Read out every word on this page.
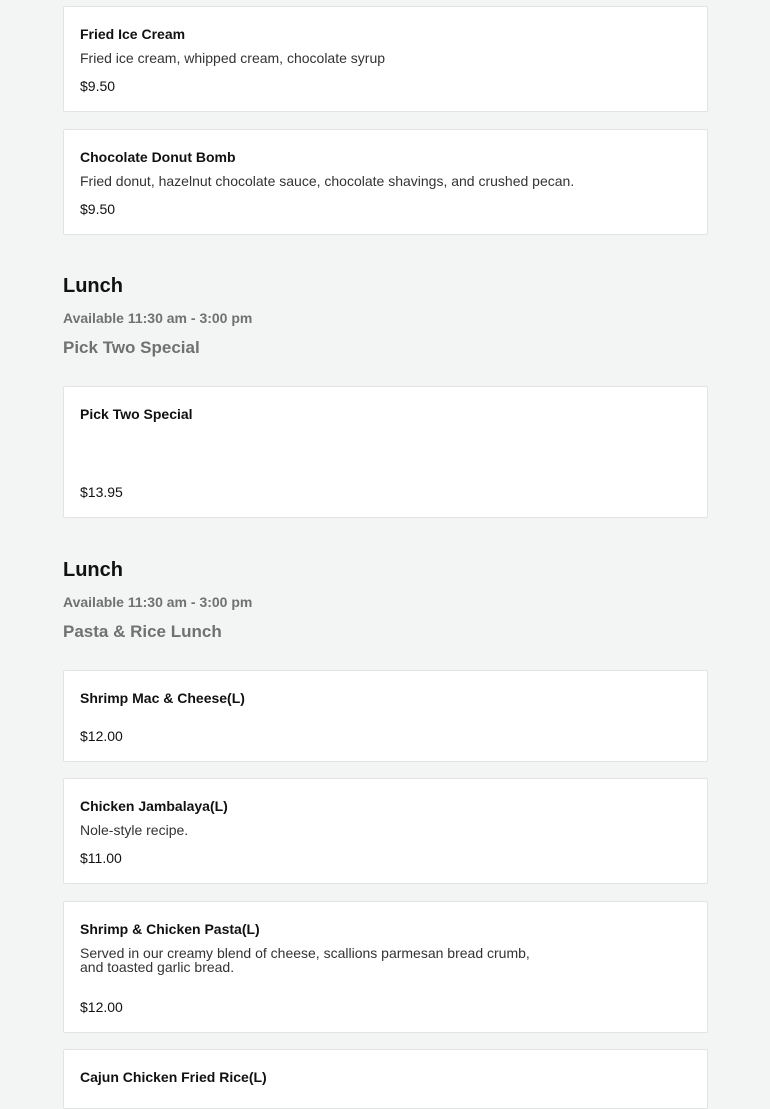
Fried Ice Cream
Fried ice cream, whipped cream, chocolate syrup
$9.50
Chocolate Donut Bomb
Fried donut, hazelnut chocolate sauce, chocolate shavings, and crushed pecan.
$9.50
Lunch
Available 11:30 am - 3:00 pm
Pick Two Special
Pick Two Special
$13.95
Lunch
Available 11:30 am - 3:00 pm
Pasta & Rice Lunch
Shrimp Mac & Cheese(L)
$12.00
Chicken Jambalaya(L)
Nole-style recipe.
$11.00
Shrimp & Chicken Pasta(L)
Served in our creamy blend of cheese, scallions parmesan bread crumb,
and toasted garlic bread.
$12.00
Cajun Chicken Fried Rice(L)
